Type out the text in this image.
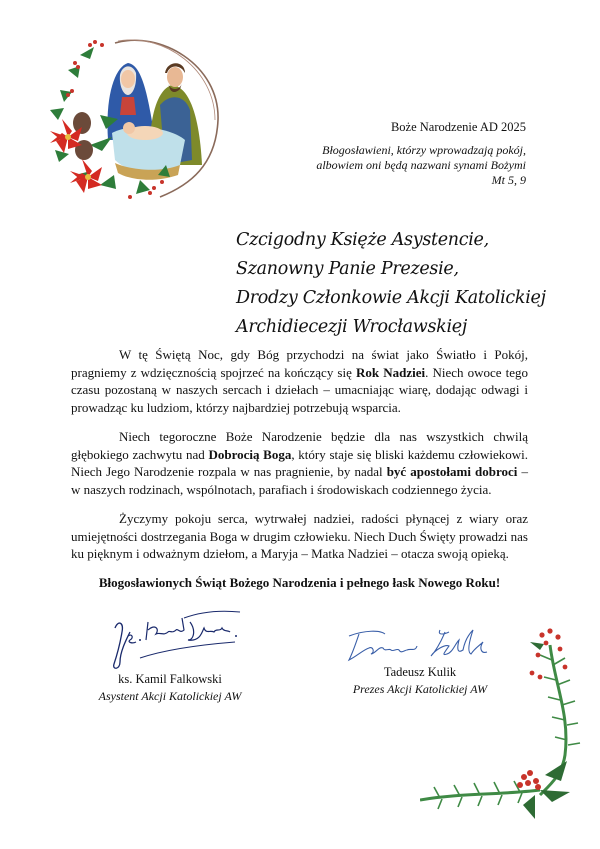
Boże Narodzenie AD 2025
Błogosławieni, którzy wprowadzają pokój,
albowiem oni będą nazwani synami Bożymi
Mt 5, 9
Czcigodny Księże Asystencie,
Szanowny Panie Prezesie,
Drodzy Członkowie Akcji Katolickiej
Archidiecezji Wrocławskiej

W tę Świętą Noc, gdy Bóg przychodzi na świat jako Światło i Pokój, pragniemy z wdzięcznością spojrzeć na kończący się Rok Nadziei. Niech owoce tego czasu pozostaną w naszych sercach i dziełach – umacniając wiarę, dodając odwagi i prowadząc ku ludziom, którzy najbardziej potrzebują wsparcia.

Niech tegoroczne Boże Narodzenie będzie dla nas wszystkich chwilą głębokiego zachwytu nad Dobrocią Boga, który staje się bliski każdemu człowiekowi. Niech Jego Narodzenie rozpala w nas pragnienie, by nadal być apostołami dobroci – w naszych rodzinach, wspólnotach, parafiach i środowiskach codziennego życia.

Życzymy pokoju serca, wytrwałej nadziei, radości płynącej z wiary oraz umiejętności dostrzegania Boga w drugim człowieku. Niech Duch Święty prowadzi nas ku pięknym i odważnym dziełom, a Maryja – Matka Nadziei – otacza swoją opieką.

Błogosławionych Świąt Bożego Narodzenia i pełnego łask Nowego Roku!
ks. Kamil Falkowski
Asystent Akcji Katolickiej AW
Tadeusz Kulik
Prezes Akcji Katolickiej AW
